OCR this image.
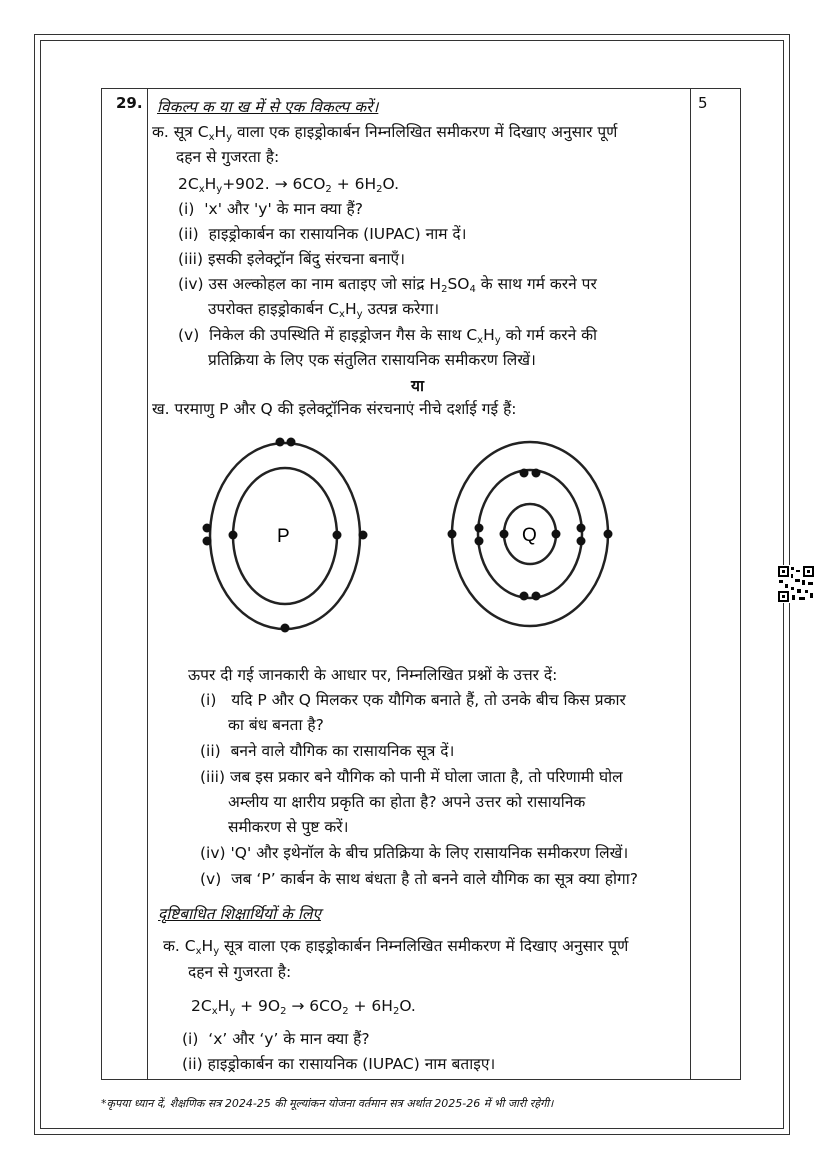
29.	5
विकल्प क या ख में से एक विकल्प करें।
क. सूत्र $C_xH_y$ वाला एक हाइड्रोकार्बन निम्नलिखित समीकरण में दिखाए अनुसार पूर्ण
दहन से गुजरता है:
$2C_xH_y+902$. → $6CO_2 + 6H_2O$.
(i) 'x' और 'y' के मान क्या हैं?
(ii) हाइड्रोकार्बन का रासायनिक (IUPAC) नाम दें।
(iii) इसकी इलेक्ट्रॉन बिंदु संरचना बनाएँ।
(iv) उस अल्कोहल का नाम बताइए जो सांद्र $H_2SO_4$ के साथ गर्म करने पर
उपरोक्त हाइड्रोकार्बन $C_xH_y$ उत्पन्न करेगा।
(v) निकेल की उपस्थिति में हाइड्रोजन गैस के साथ $C_xH_y$ को गर्म करने की
प्रतिक्रिया के लिए एक संतुलित रासायनिक समीकरण लिखें।
या
ख. परमाणु P और Q की इलेक्ट्रॉनिक संरचनाएं नीचे दर्शाई गई हैं:
P	Q
ऊपर दी गई जानकारी के आधार पर, निम्नलिखित प्रश्नों के उत्तर दें:
(i) यदि P और Q मिलकर एक यौगिक बनाते हैं, तो उनके बीच किस प्रकार
का बंध बनता है?
(ii) बनने वाले यौगिक का रासायनिक सूत्र दें।
(iii) जब इस प्रकार बने यौगिक को पानी में घोला जाता है, तो परिणामी घोल
अम्लीय या क्षारीय प्रकृति का होता है? अपने उत्तर को रासायनिक
समीकरण से पुष्ट करें।
(iv) 'Q' और इथेनॉल के बीच प्रतिक्रिया के लिए रासायनिक समीकरण लिखें।
(v) जब ‘P’ कार्बन के साथ बंधता है तो बनने वाले यौगिक का सूत्र क्या होगा?
दृष्टिबाधित शिक्षार्थियों के लिए
क. $C_xH_y$ सूत्र वाला एक हाइड्रोकार्बन निम्नलिखित समीकरण में दिखाए अनुसार पूर्ण
दहन से गुजरता है:
$2C_xH_y + 9O_2 \to 6CO_2 + 6H_2O$.
(i) ‘x’ और ‘y’ के मान क्या हैं?
(ii) हाइड्रोकार्बन का रासायनिक (IUPAC) नाम बताइए।
*कृपया ध्यान दें, शैक्षणिक सत्र 2024-25 की मूल्यांकन योजना वर्तमान सत्र अर्थात 2025-26 में भी जारी रहेगी।
